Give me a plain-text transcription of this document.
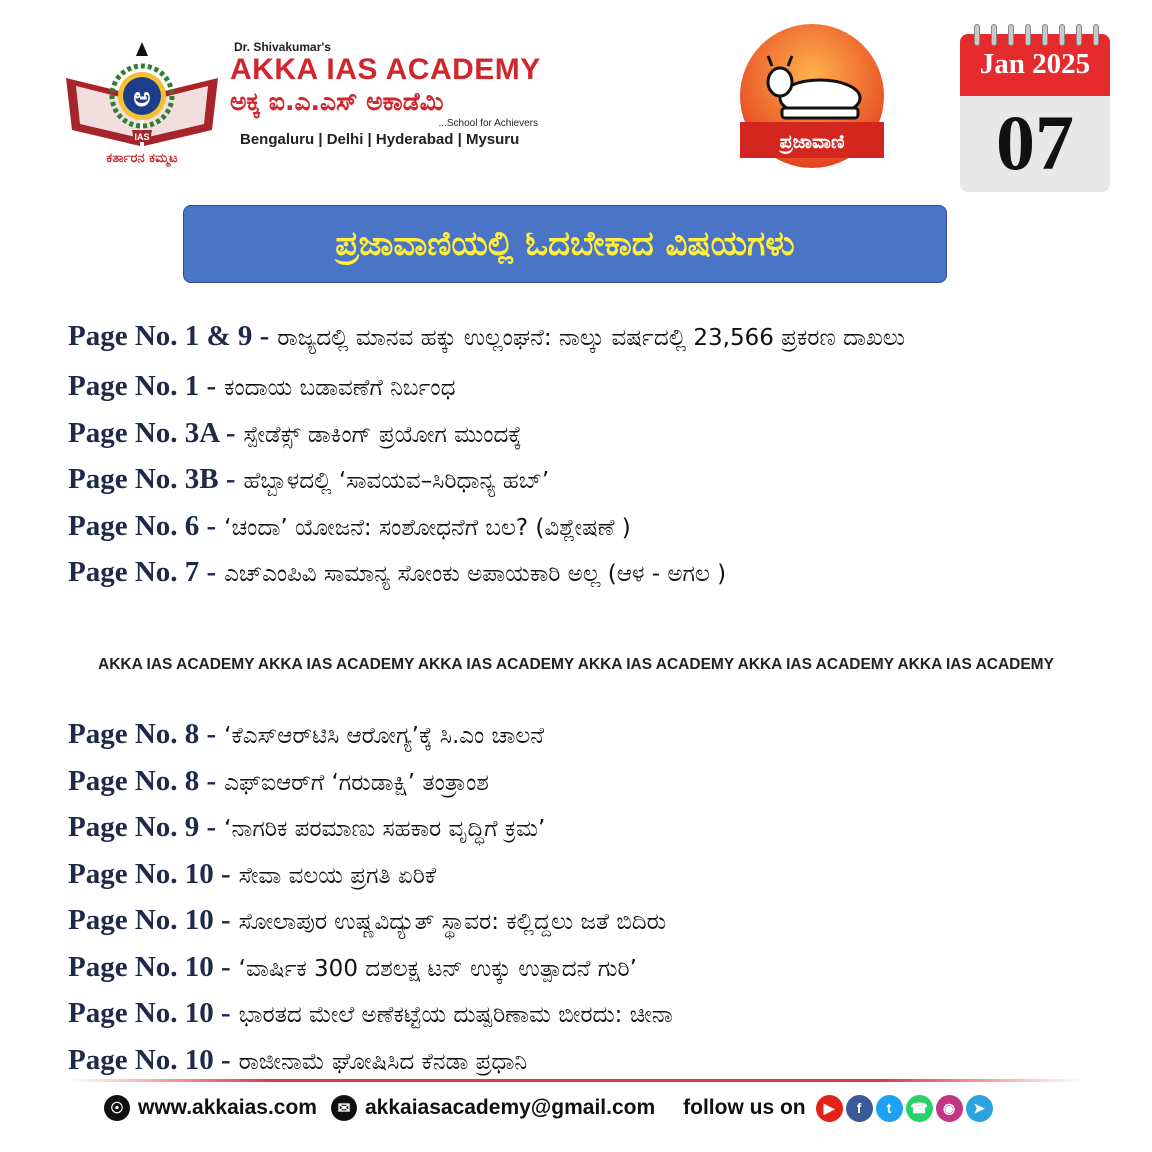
ಅ
IAS
ಕರ್ತಾರನ ಕಮ್ಮಟ
Dr. Shivakumar's
AKKA IAS ACADEMY
ಅಕ್ಕ ಐ.ಎ.ಎಸ್ ಅಕಾಡೆಮಿ
...School for Achievers
Bengaluru | Delhi | Hyderabad | Mysuru	ಪ್ರಜಾವಾಣಿ
Jan 2025
07
ಪ್ರಜಾವಾಣಿಯಲ್ಲಿ ಓದಬೇಕಾದ ವಿಷಯಗಳು
Page No. 1 & 9 - ರಾಜ್ಯದಲ್ಲಿ ಮಾನವ ಹಕ್ಕು ಉಲ್ಲಂಘನೆ: ನಾಲ್ಕು ವರ್ಷದಲ್ಲಿ 23,566 ಪ್ರಕರಣ ದಾಖಲು
Page No. 1 - ಕಂದಾಯ ಬಡಾವಣೆಗೆ ನಿರ್ಬಂಧ
Page No. 3A - ಸ್ಪೇಡೆಕ್ಸ್ ಡಾಕಿಂಗ್ ಪ್ರಯೋಗ ಮುಂದಕ್ಕೆ
Page No. 3B - ಹೆಬ್ಬಾಳದಲ್ಲಿ ‘ಸಾವಯವ–ಸಿರಿಧಾನ್ಯ ಹಬ್’
Page No. 6 - ‘ಚಂದಾ’ ಯೋಜನೆ: ಸಂಶೋಧನೆಗೆ ಬಲ? (ವಿಶ್ಲೇಷಣೆ )
Page No. 7 - ಎಚ್‌ಎಂಪಿವಿ ಸಾಮಾನ್ಯ ಸೋಂಕು ಅಪಾಯಕಾರಿ ಅಲ್ಲ (ಆಳ - ಅಗಲ )
AKKA IAS ACADEMY AKKA IAS ACADEMY AKKA IAS ACADEMY AKKA IAS ACADEMY AKKA IAS ACADEMY AKKA IAS ACADEMY
Page No. 8 - ‘ಕೆಎಸ್‌ಆರ್‌ಟಿಸಿ ಆರೋಗ್ಯ’ಕ್ಕೆ ಸಿ.ಎಂ ಚಾಲನೆ
Page No. 8 - ಎಫ್‌ಐಆರ್‌ಗೆ ‘ಗರುಡಾಕ್ಷಿ’ ತಂತ್ರಾಂಶ
Page No. 9 - ‘ನಾಗರಿಕ ಪರಮಾಣು ಸಹಕಾರ ವೃದ್ಧಿಗೆ ಕ್ರಮ’
Page No. 10 - ಸೇವಾ ವಲಯ ಪ್ರಗತಿ ಏರಿಕೆ
Page No. 10 - ಸೋಲಾಪುರ ಉಷ್ಣವಿದ್ಯುತ್ ಸ್ಥಾವರ: ಕಲ್ಲಿದ್ದಲು ಜತೆ ಬಿದಿರು
Page No. 10 - ‘ವಾರ್ಷಿಕ 300 ದಶಲಕ್ಷ ಟನ್ ಉಕ್ಕು ಉತ್ಪಾದನೆ ಗುರಿ’
Page No. 10 - ಭಾರತದ ಮೇಲೆ ಅಣೆಕಟ್ಟೆಯ ದುಷ್ಪರಿಣಾಮ ಬೀರದು: ಚೀನಾ
Page No. 10 - ರಾಜೀನಾಮೆ ಘೋಷಿಸಿದ ಕೆನಡಾ ಪ್ರಧಾನಿ
☉ www.akkaias.com	✉ akkaiasacademy@gmail.com follow us on	▶	f	t	☎	◉	➤
